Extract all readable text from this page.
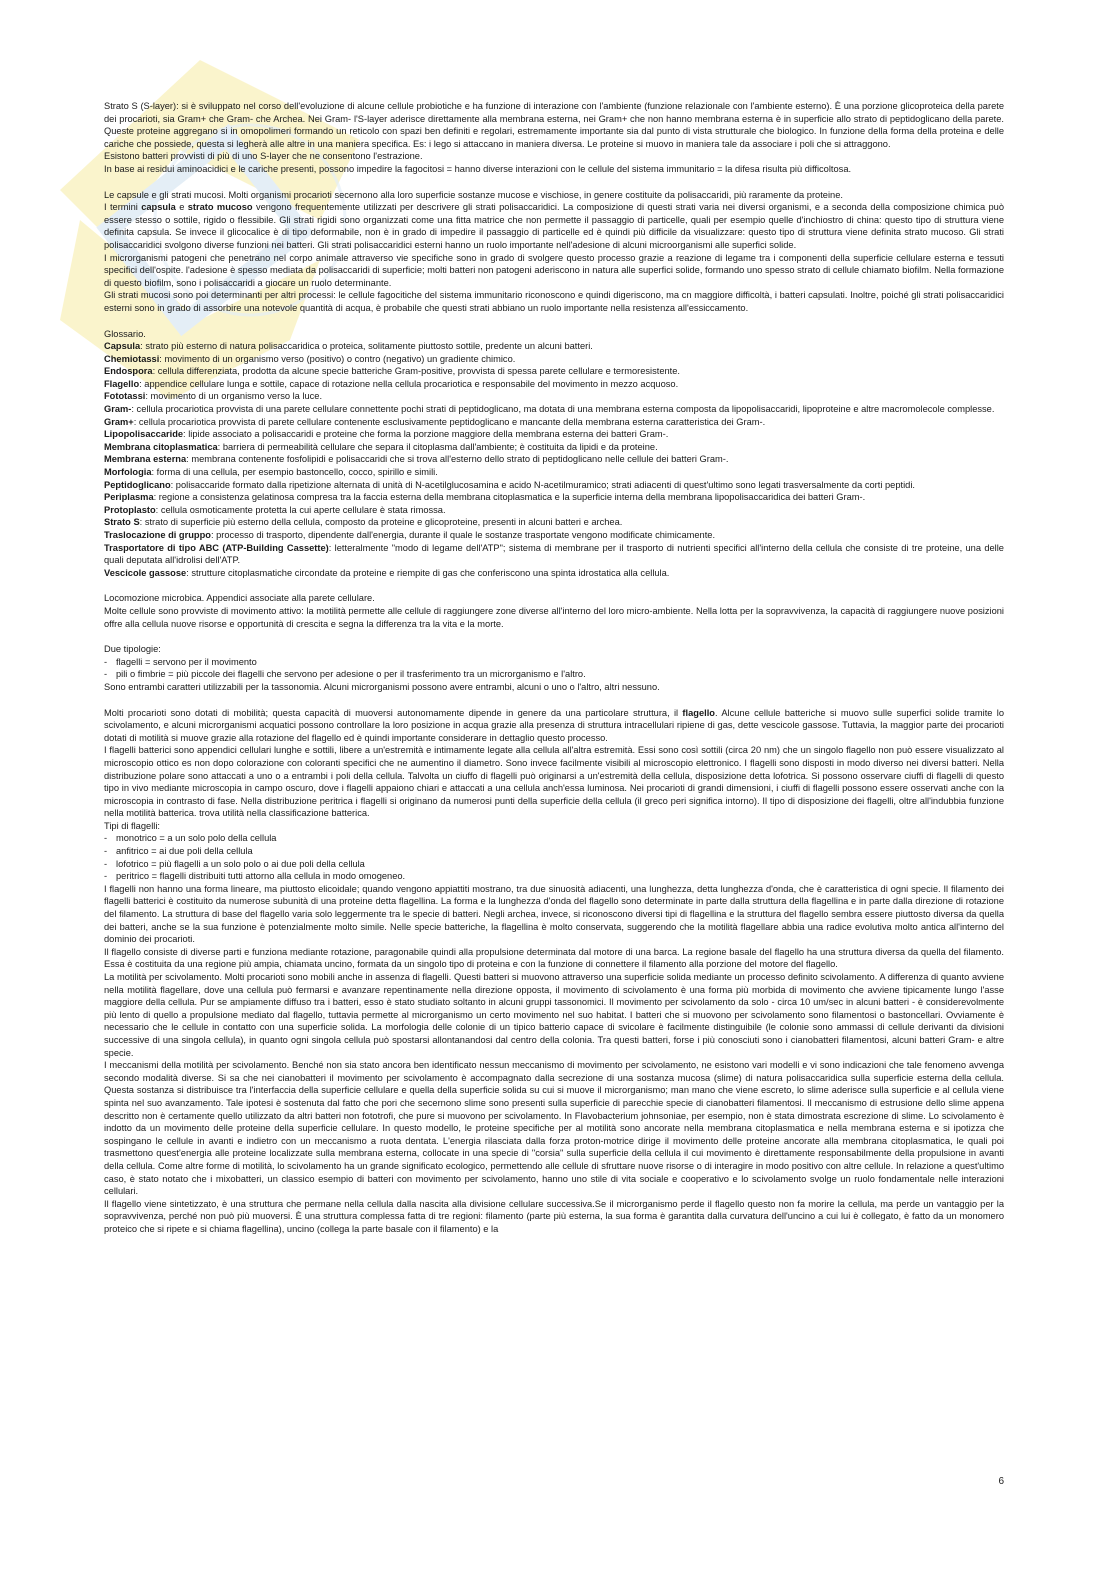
Strato S (S-layer): si è sviluppato nel corso dell'evoluzione di alcune cellule probiotiche e ha funzione di interazione con l'ambiente (funzione relazionale con l'ambiente esterno). È una porzione glicoproteica della parete dei procarioti, sia Gram+ che Gram- che Archea. Nei Gram- l'S-layer aderisce direttamente alla membrana esterna, nei Gram+ che non hanno membrana esterna è in superficie allo strato di peptidoglicano della parete. Queste proteine aggregano si in omopolimeri formando un reticolo con spazi ben definiti e regolari, estremamente importante sia dal punto di vista strutturale che biologico. In funzione della forma della proteina e delle cariche che possiede, questa si legherà alle altre in una maniera specifica. Es: i lego si attaccano in maniera diversa. Le proteine si muovo in maniera tale da associare i poli che si attraggono.

Esistono batteri provvisti di più di uno S-layer che ne consentono l'estrazione.

In base ai residui aminoacidici e le cariche presenti, possono impedire la fagocitosi = hanno diverse interazioni con le cellule del sistema immunitario = la difesa risulta più difficoltosa.

Le capsule e gli strati mucosi. Molti organismi procarioti secernono alla loro superficie sostanze mucose e vischiose, in genere costituite da polisaccaridi, più raramente da proteine.

I termini capsula e strato mucoso vengono frequentemente utilizzati per descrivere gli strati polisaccaridici. La composizione di questi strati varia nei diversi organismi, e a seconda della composizione chimica può essere stesso o sottile, rigido o flessibile. Gli strati rigidi sono organizzati come una fitta matrice che non permette il passaggio di particelle, quali per esempio quelle d'inchiostro di china: questo tipo di struttura viene definita capsula. Se invece il glicocalice è di tipo deformabile, non è in grado di impedire il passaggio di particelle ed è quindi più difficile da visualizzare: questo tipo di struttura viene definita strato mucoso. Gli strati polisaccaridici svolgono diverse funzioni nei batteri. Gli strati polisaccaridici esterni hanno un ruolo importante nell'adesione di alcuni microorganismi alle superfici solide.

I microrganismi patogeni che penetrano nel corpo animale attraverso vie specifiche sono in grado di svolgere questo processo grazie a reazione di legame tra i componenti della superficie cellulare esterna e tessuti specifici dell'ospite. l'adesione è spesso mediata da polisaccaridi di superficie; molti batteri non patogeni aderiscono in natura alle superfici solide, formando uno spesso strato di cellule chiamato biofilm. Nella formazione di questo biofilm, sono i polisaccaridi a giocare un ruolo determinante.

Gli strati mucosi sono poi determinanti per altri processi: le cellule fagocitiche del sistema immunitario riconoscono e quindi digeriscono, ma cn maggiore difficoltà, i batteri capsulati. Inoltre, poiché gli strati polisaccaridici esterni sono in grado di assorbire una notevole quantità di acqua, è probabile che questi strati abbiano un ruolo importante nella resistenza all'essiccamento.

Glossario.

Capsula: strato più esterno di natura polisaccaridica o proteica, solitamente piuttosto sottile, predente un alcuni batteri.

Chemiotassi: movimento di un organismo verso (positivo) o contro (negativo) un gradiente chimico.

Endospora: cellula differenziata, prodotta da alcune specie batteriche Gram-positive, provvista di spessa parete cellulare e termoresistente.

Flagello: appendice cellulare lunga e sottile, capace di rotazione nella cellula procariotica e responsabile del movimento in mezzo acquoso.

Fototassi: movimento di un organismo verso la luce.

Gram-: cellula procariotica provvista di una parete cellulare connettente pochi strati di peptidoglicano, ma dotata di una membrana esterna composta da lipopolisaccaridi, lipoproteine e altre macromolecole complesse.

Gram+: cellula procariotica provvista di parete cellulare contenente esclusivamente peptidoglicano e mancante della membrana esterna caratteristica dei Gram-.

Lipopolisaccaride: lipide associato a polisaccaridi e proteine che forma la porzione maggiore della membrana esterna dei batteri Gram-.

Membrana citoplasmatica: barriera di permeabilità cellulare che separa il citoplasma dall'ambiente; è costituita da lipidi e da proteine.

Membrana esterna: membrana contenente fosfolipidi e polisaccaridi che si trova all'esterno dello strato di peptidoglicano nelle cellule dei batteri Gram-.

Morfologia: forma di una cellula, per esempio bastoncello, cocco, spirillo e simili.

Peptidoglicano: polisaccaride formato dalla ripetizione alternata di unità di N-acetilglucosamina e acido N-acetilmuramico; strati adiacenti di quest'ultimo sono legati trasversalmente da corti peptidi.

Periplasma: regione a consistenza gelatinosa compresa tra la faccia esterna della membrana citoplasmatica e la superficie interna della membrana lipopolisaccaridica dei batteri Gram-.

Protoplasto: cellula osmoticamente protetta la cui aperte cellulare è stata rimossa.

Strato S: strato di superficie più esterno della cellula, composto da proteine e glicoproteine, presenti in alcuni batteri e archea.

Traslocazione di gruppo: processo di trasporto, dipendente dall'energia, durante il quale le sostanze trasportate vengono modificate chimicamente.

Trasportatore di tipo ABC (ATP-Building Cassette): letteralmente "modo di legame dell'ATP"; sistema di membrane per il trasporto di nutrienti specifici all'interno della cellula che consiste di tre proteine, una delle quali deputata all'idrolisi dell'ATP.

Vescicole gassose: strutture citoplasmatiche circondate da proteine e riempite di gas che conferiscono una spinta idrostatica alla cellula.

Locomozione microbica. Appendici associate alla parete cellulare.

Molte cellule sono provviste di movimento attivo: la motilità permette alle cellule di raggiungere zone diverse all'interno del loro micro-ambiente. Nella lotta per la sopravvivenza, la capacità di raggiungere nuove posizioni offre alla cellula nuove risorse e opportunità di crescita e segna la differenza tra la vita e la morte.

Due tipologie:

- flagelli = servono per il movimento

- pili o fimbrie = più piccole dei flagelli che servono per adesione o per il trasferimento tra un microrganismo e l'altro.

Sono entrambi caratteri utilizzabili per la tassonomia. Alcuni microrganismi possono avere entrambi, alcuni o uno o l'altro, altri nessuno.

Molti procarioti sono dotati di mobilità; questa capacità di muoversi autonomamente dipende in genere da una particolare struttura, il flagello. Alcune cellule batteriche si muovo sulle superfici solide tramite lo scivolamento, e alcuni microrganismi acquatici possono controllare la loro posizione in acqua grazie alla presenza di struttura intracellulari ripiene di gas, dette vescicole gassose. Tuttavia, la maggior parte dei procarioti dotati di motilità si muove grazie alla rotazione del flagello ed è quindi importante considerare in dettaglio questo processo.

I flagelli batterici sono appendici cellulari lunghe e sottili, libere a un'estremità e intimamente legate alla cellula all'altra estremità. Essi sono così sottili (circa 20 nm) che un singolo flagello non può essere visualizzato al microscopio ottico es non dopo colorazione con coloranti specifici che ne aumentino il diametro. Sono invece facilmente visibili al microscopio elettronico. I flagelli sono disposti in modo diverso nei diversi batteri. Nella distribuzione polare sono attaccati a uno o a entrambi i poli della cellula. Talvolta un ciuffo di flagelli può originarsi a un'estremità della cellula, disposizione detta lofotrica. Si possono osservare ciuffi di flagelli di questo tipo in vivo mediante microscopia in campo oscuro, dove i flagelli appaiono chiari e attaccati a una cellula anch'essa luminosa. Nei procarioti di grandi dimensioni, i ciuffi di flagelli possono essere osservati anche con la microscopia in contrasto di fase. Nella distribuzione peritrica i flagelli si originano da numerosi punti della superficie della cellula (il greco peri significa intorno). Il tipo di disposizione dei flagelli, oltre all'indubbia funzione nella motilità batterica. trova utilità nella classificazione batterica.

Tipi di flagelli:

- monotrico = a un solo polo della cellula

- anfitrico = ai due poli della cellula

- lofotrico = più flagelli a un solo polo o ai due poli della cellula

- peritrico = flagelli distribuiti tutti attorno alla cellula in modo omogeneo.

I flagelli non hanno una forma lineare, ma piuttosto elicoidale; quando vengono appiattiti mostrano, tra due sinuosità adiacenti, una lunghezza, detta lunghezza d'onda, che è caratteristica di ogni specie. Il filamento dei flagelli batterici è costituito da numerose subunità di una proteine detta flagellina. La forma e la lunghezza d'onda del flagello sono determinate in parte dalla struttura della flagellina e in parte dalla direzione di rotazione del filamento. La struttura di base del flagello varia solo leggermente tra le specie di batteri. Negli archea, invece, si riconoscono diversi tipi di flagellina e la struttura del flagello sembra essere piuttosto diversa da quella dei batteri, anche se la sua funzione è potenzialmente molto simile. Nelle specie batteriche, la flagellina è molto conservata, suggerendo che la motilità flagellare abbia una radice evolutiva molto antica all'interno del dominio dei procarioti.

Il flagello consiste di diverse parti e funziona mediante rotazione, paragonabile quindi alla propulsione determinata dal motore di una barca. La regione basale del flagello ha una struttura diversa da quella del filamento. Essa è costituita da una regione più ampia, chiamata uncino, formata da un singolo tipo di proteina e con la funzione di connettere il filamento alla porzione del motore del flagello.

La motilità per scivolamento. Molti procarioti sono mobili anche in assenza di flagelli. Questi batteri si muovono attraverso una superficie solida mediante un processo definito scivolamento. A differenza di quanto avviene nella motilità flagellare, dove una cellula può fermarsi e avanzare repentinamente nella direzione opposta, il movimento di scivolamento è una forma più morbida di movimento che avviene tipicamente lungo l'asse maggiore della cellula. Pur se ampiamente diffuso tra i batteri, esso è stato studiato soltanto in alcuni gruppi tassonomici. Il movimento per scivolamento da solo - circa 10 um/sec in alcuni batteri - è considerevolmente più lento di quello a propulsione mediato dal flagello, tuttavia permette al microrganismo un certo movimento nel suo habitat. I batteri che si muovono per scivolamento sono filamentosi o bastoncellari. Ovviamente è necessario che le cellule in contatto con una superficie solida. La morfologia delle colonie di un tipico batterio capace di svicolare è facilmente distinguibile (le colonie sono ammassi di cellule derivanti da divisioni successive di una singola cellula), in quanto ogni singola cellula può spostarsi allontanandosi dal centro della colonia. Tra questi batteri, forse i più conosciuti sono i cianobatteri filamentosi, alcuni batteri Gram- e altre specie.

I meccanismi della motilità per scivolamento. Benché non sia stato ancora ben identificato nessun meccanismo di movimento per scivolamento, ne esistono vari modelli e vi sono indicazioni che tale fenomeno avvenga secondo modalità diverse. Si sa che nei cianobatteri il movimento per scivolamento è accompagnato dalla secrezione di una sostanza mucosa (slime) di natura polisaccaridica sulla superficie esterna della cellula. Questa sostanza si distribuisce tra l'interfaccia della superficie cellulare e quella della superficie solida su cui si muove il microrganismo; man mano che viene escreto, lo slime aderisce sulla superficie e al cellula viene spinta nel suo avanzamento. Tale ipotesi è sostenuta dal fatto che pori che secernono slime sono presenti sulla superficie di parecchie specie di cianobatteri filamentosi. Il meccanismo di estrusione dello slime appena descritto non è certamente quello utilizzato da altri batteri non fototrofi, che pure si muovono per scivolamento. In Flavobacterium johnsoniae, per esempio, non è stata dimostrata escrezione di slime. Lo scivolamento è indotto da un movimento delle proteine della superficie cellulare. In questo modello, le proteine specifiche per al motilità sono ancorate nella membrana citoplasmatica e nella membrana esterna e si ipotizza che sospingano le cellule in avanti e indietro con un meccanismo a ruota dentata. L'energia rilasciata dalla forza proton-motrice dirige il movimento delle proteine ancorate alla membrana citoplasmatica, le quali poi trasmettono quest'energia alle proteine localizzate sulla membrana esterna, collocate in una specie di "corsia" sulla superficie della cellula il cui movimento è direttamente responsabilmente della propulsione in avanti della cellula. Come altre forme di motilità, lo scivolamento ha un grande significato ecologico, permettendo alle cellule di sfruttare nuove risorse o di interagire in modo positivo con altre cellule. In relazione a quest'ultimo caso, è stato notato che i mixobatteri, un classico esempio di batteri con movimento per scivolamento, hanno uno stile di vita sociale e cooperativo e lo scivolamento svolge un ruolo fondamentale nelle interazioni cellulari.

Il flagello viene sintetizzato, è una struttura che permane nella cellula dalla nascita alla divisione cellulare successiva.Se il microrganismo perde il flagello questo non fa morire la cellula, ma perde un vantaggio per la sopravvivenza, perché non può più muoversi. È una struttura complessa fatta di tre regioni: filamento (parte più esterna, la sua forma è garantita dalla curvatura dell'uncino a cui lui è collegato, è fatto da un monomero proteico che si ripete e si chiama flagellina), uncino (collega la parte basale con il filamento) e la

6
